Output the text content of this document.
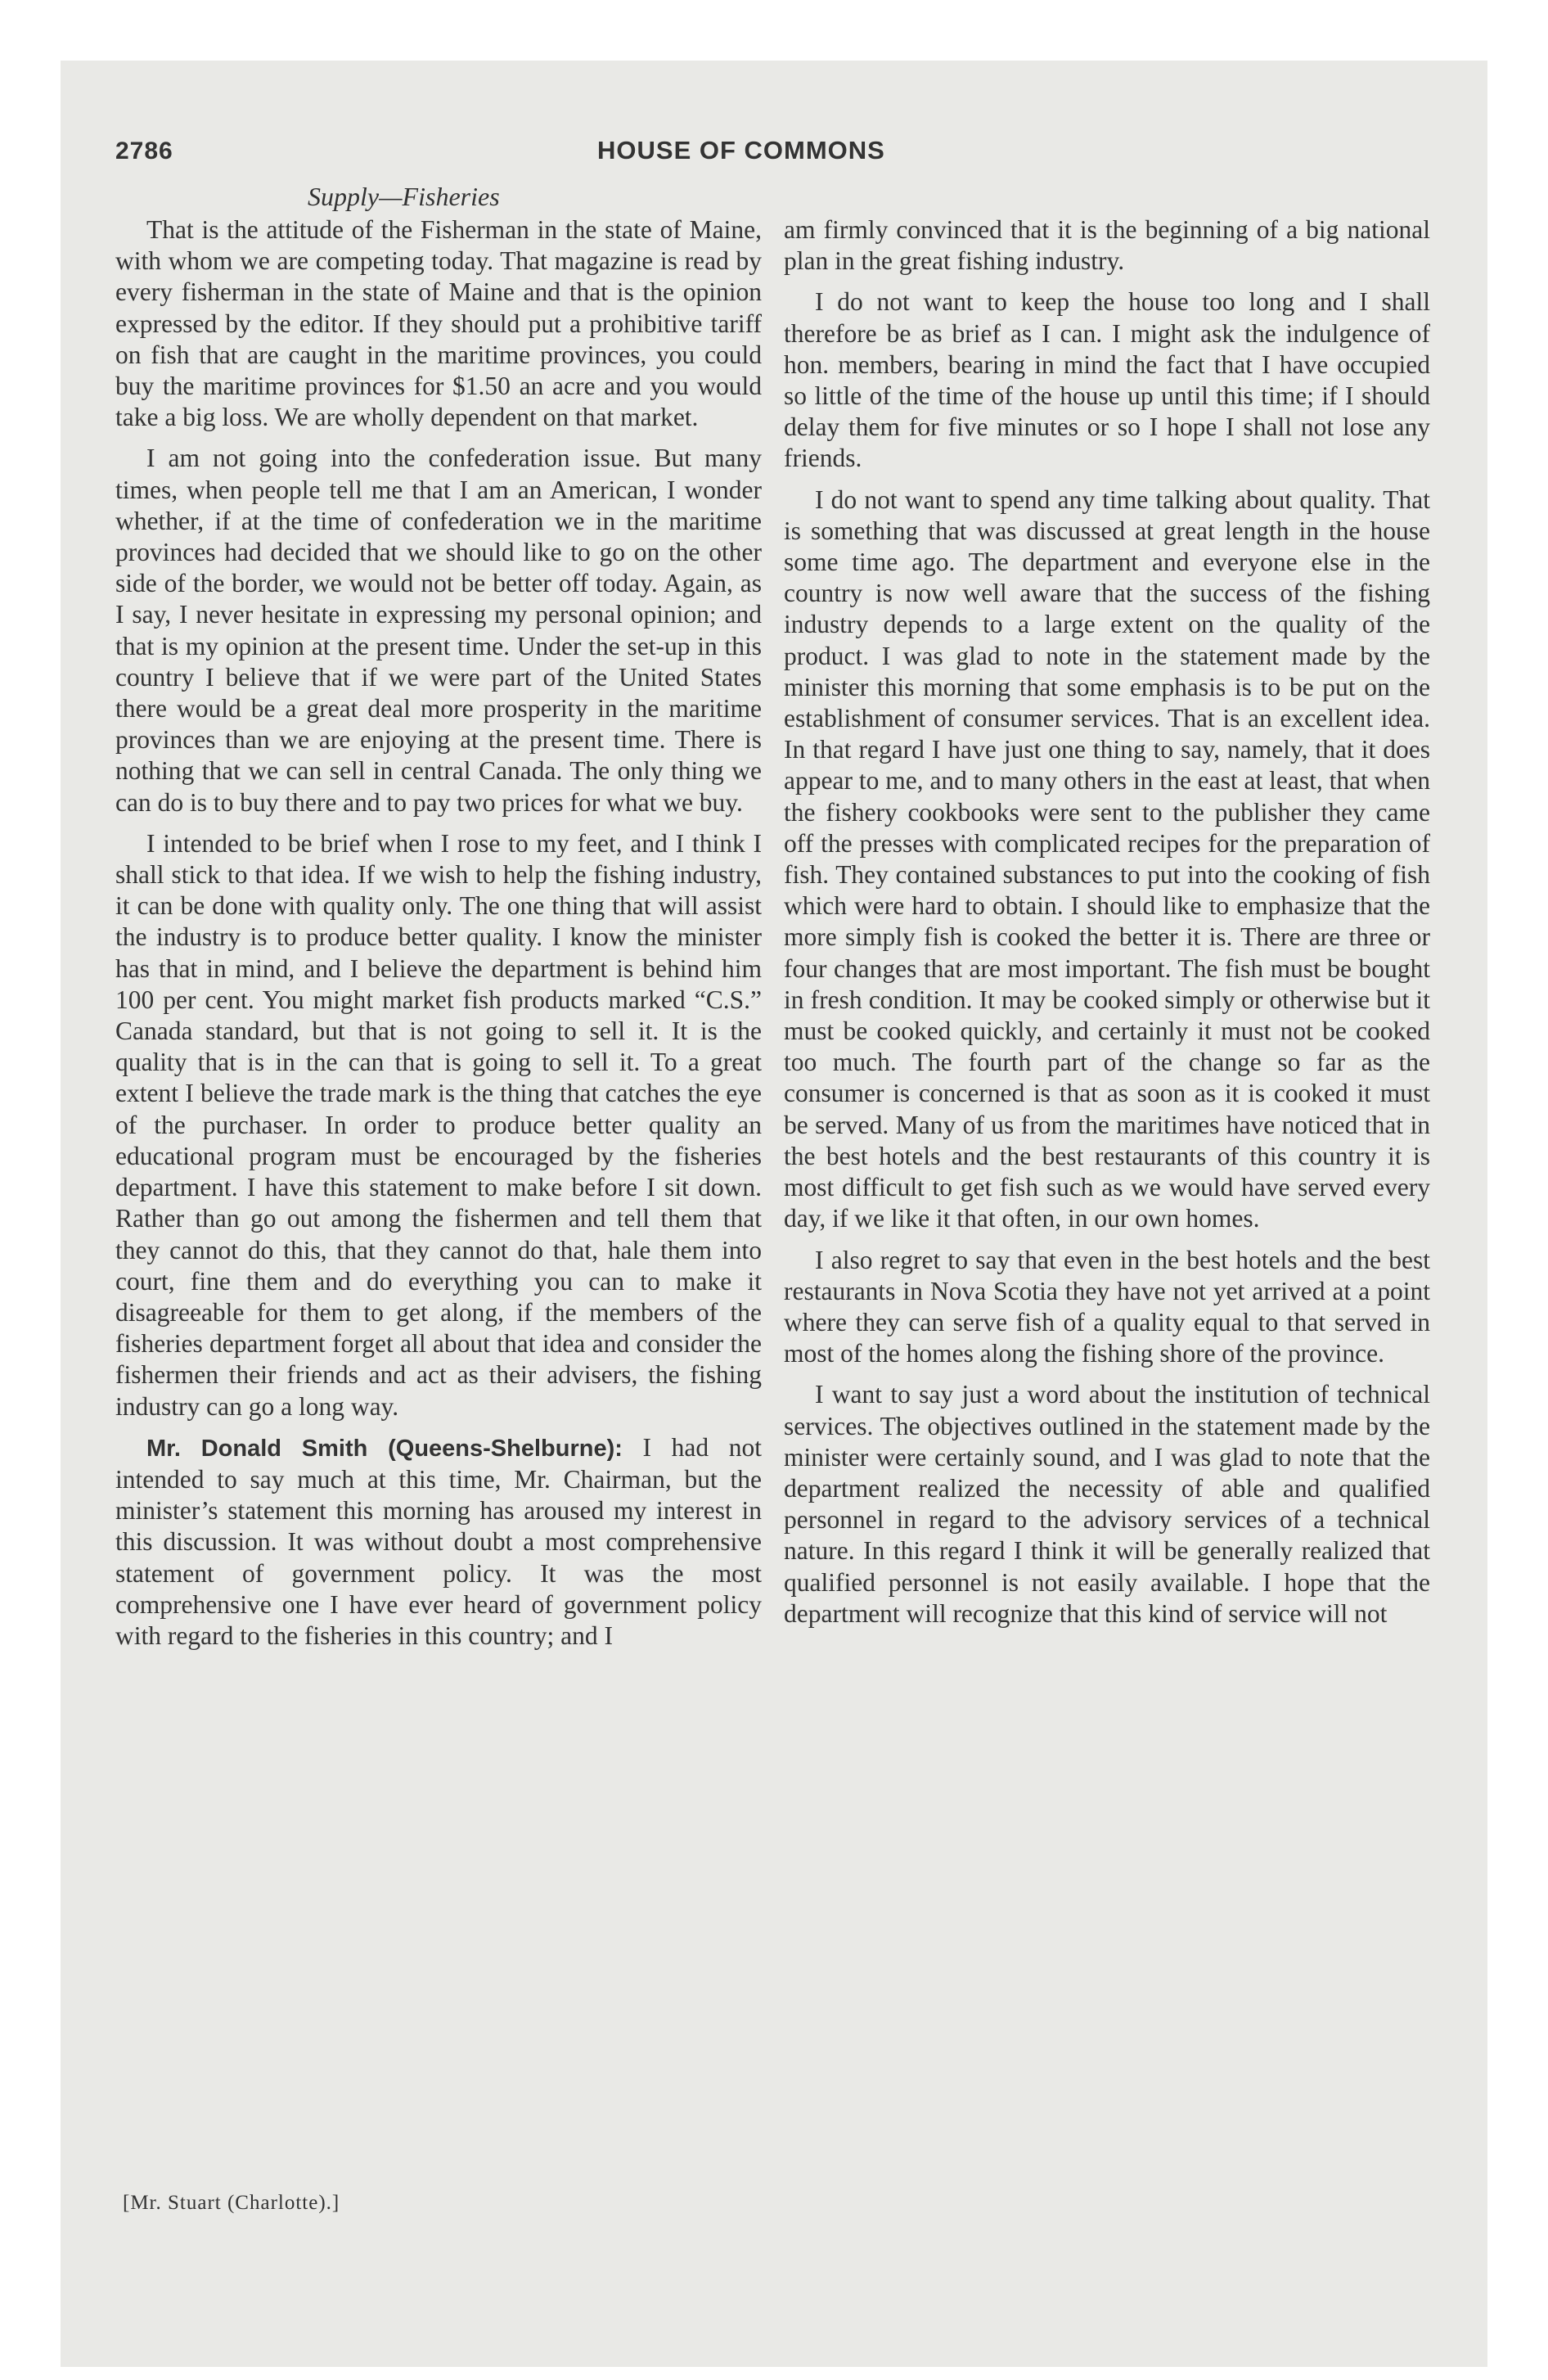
2786	HOUSE OF COMMONS
Supply—Fisheries

That is the attitude of the Fisherman in the state of Maine, with whom we are competing today. That magazine is read by every fisherman in the state of Maine and that is the opinion expressed by the editor. If they should put a prohibitive tariff on fish that are caught in the maritime provinces, you could buy the maritime provinces for $1.50 an acre and you would take a big loss. We are wholly dependent on that market.

I am not going into the confederation issue. But many times, when people tell me that I am an American, I wonder whether, if at the time of confederation we in the maritime provinces had decided that we should like to go on the other side of the border, we would not be better off today. Again, as I say, I never hesitate in expressing my personal opinion; and that is my opinion at the present time. Under the set-up in this country I believe that if we were part of the United States there would be a great deal more prosperity in the maritime provinces than we are enjoying at the present time. There is nothing that we can sell in central Canada. The only thing we can do is to buy there and to pay two prices for what we buy.

I intended to be brief when I rose to my feet, and I think I shall stick to that idea. If we wish to help the fishing industry, it can be done with quality only. The one thing that will assist the industry is to produce better quality. I know the minister has that in mind, and I believe the department is behind him 100 per cent. You might market fish products marked “C.S.” Canada standard, but that is not going to sell it. It is the quality that is in the can that is going to sell it. To a great extent I believe the trade mark is the thing that catches the eye of the purchaser. In order to produce better quality an educational program must be encouraged by the fisheries department. I have this statement to make before I sit down. Rather than go out among the fishermen and tell them that they cannot do this, that they cannot do that, hale them into court, fine them and do everything you can to make it disagreeable for them to get along, if the members of the fisheries department forget all about that idea and consider the fishermen their friends and act as their advisers, the fishing industry can go a long way.

Mr. Donald Smith (Queens-Shelburne): I had not intended to say much at this time, Mr. Chairman, but the minister’s statement this morning has aroused my interest in this discussion. It was without doubt a most comprehensive statement of government policy. It was the most comprehensive one I have ever heard of government policy with regard to the fisheries in this country; and I

am firmly convinced that it is the beginning of a big national plan in the great fishing industry.

I do not want to keep the house too long and I shall therefore be as brief as I can. I might ask the indulgence of hon. members, bearing in mind the fact that I have occupied so little of the time of the house up until this time; if I should delay them for five minutes or so I hope I shall not lose any friends.

I do not want to spend any time talking about quality. That is something that was discussed at great length in the house some time ago. The department and everyone else in the country is now well aware that the success of the fishing industry depends to a large extent on the quality of the product. I was glad to note in the statement made by the minister this morning that some emphasis is to be put on the establishment of consumer services. That is an excellent idea. In that regard I have just one thing to say, namely, that it does appear to me, and to many others in the east at least, that when the fishery cookbooks were sent to the publisher they came off the presses with complicated recipes for the preparation of fish. They contained substances to put into the cooking of fish which were hard to obtain. I should like to emphasize that the more simply fish is cooked the better it is. There are three or four changes that are most important. The fish must be bought in fresh condition. It may be cooked simply or otherwise but it must be cooked quickly, and certainly it must not be cooked too much. The fourth part of the change so far as the consumer is concerned is that as soon as it is cooked it must be served. Many of us from the maritimes have noticed that in the best hotels and the best restaurants of this country it is most difficult to get fish such as we would have served every day, if we like it that often, in our own homes.

I also regret to say that even in the best hotels and the best restaurants in Nova Scotia they have not yet arrived at a point where they can serve fish of a quality equal to that served in most of the homes along the fishing shore of the province.

I want to say just a word about the institution of technical services. The objectives outlined in the statement made by the minister were certainly sound, and I was glad to note that the department realized the necessity of able and qualified personnel in regard to the advisory services of a technical nature. In this regard I think it will be generally realized that qualified personnel is not easily available. I hope that the department will recognize that this kind of service will not

[Mr. Stuart (Charlotte).]
